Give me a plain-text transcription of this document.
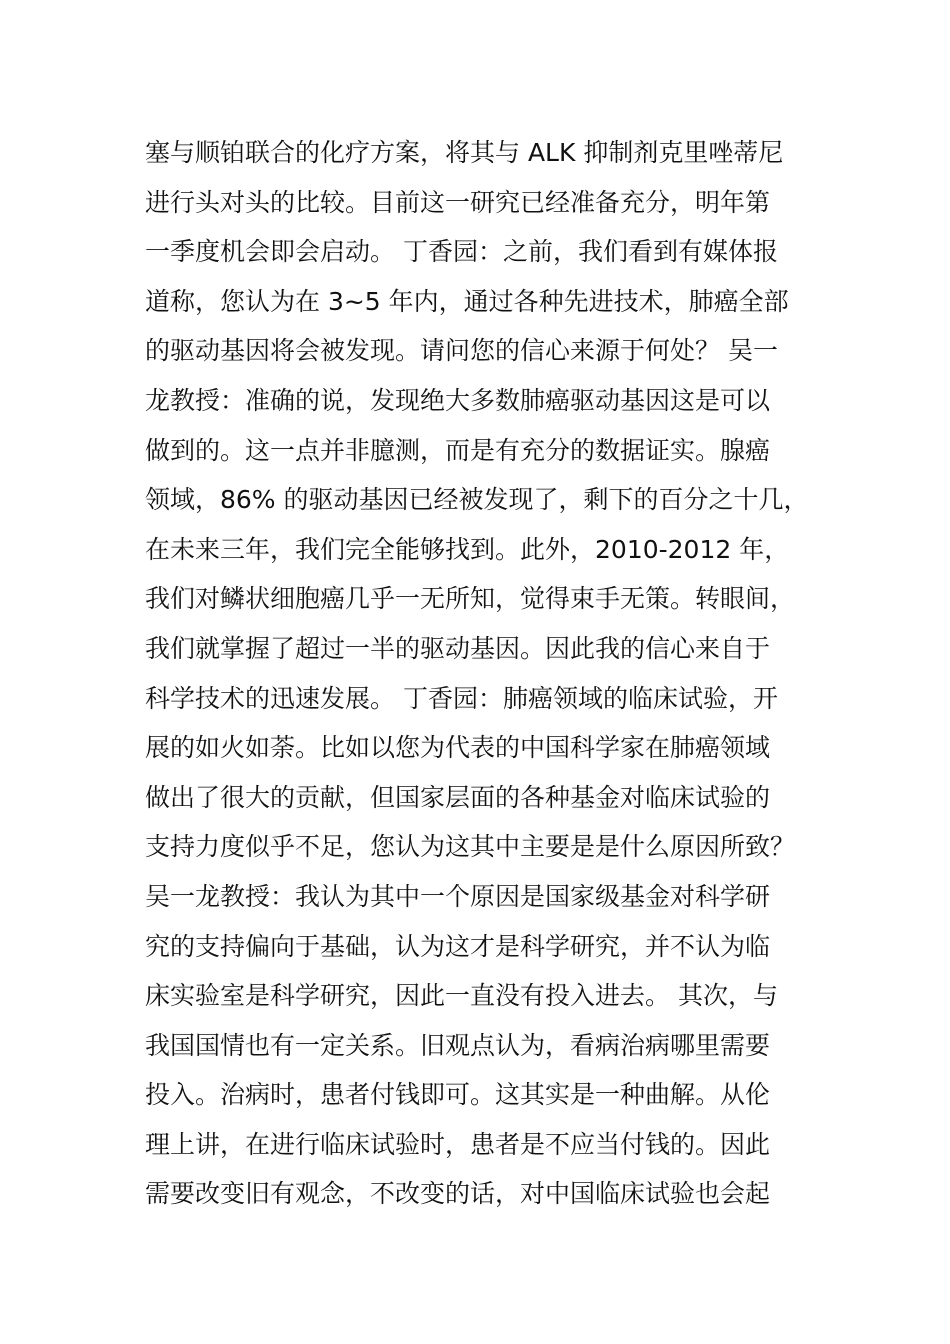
塞与顺铂联合的化疗方案，将其与 ALK 抑制剂克里唑蒂尼
进行头对头的比较。目前这一研究已经准备充分，明年第
一季度机会即会启动。 丁香园：之前，我们看到有媒体报
道称，您认为在 3~5 年内，通过各种先进技术，肺癌全部
的驱动基因将会被发现。请问您的信心来源于何处？ 吴一
龙教授：准确的说，发现绝大多数肺癌驱动基因这是可以
做到的。这一点并非臆测，而是有充分的数据证实。腺癌
领域，86% 的驱动基因已经被发现了，剩下的百分之十几，
在未来三年，我们完全能够找到。此外，2010-2012 年，
我们对鳞状细胞癌几乎一无所知，觉得束手无策。转眼间，
我们就掌握了超过一半的驱动基因。因此我的信心来自于
科学技术的迅速发展。 丁香园：肺癌领域的临床试验，开
展的如火如荼。比如以您为代表的中国科学家在肺癌领域
做出了很大的贡献，但国家层面的各种基金对临床试验的
支持力度似乎不足，您认为这其中主要是是什么原因所致？
吴一龙教授：我认为其中一个原因是国家级基金对科学研
究的支持偏向于基础，认为这才是科学研究，并不认为临
床实验室是科学研究，因此一直没有投入进去。 其次，与
我国国情也有一定关系。旧观点认为，看病治病哪里需要
投入。治病时，患者付钱即可。这其实是一种曲解。从伦
理上讲，在进行临床试验时，患者是不应当付钱的。因此
需要改变旧有观念，不改变的话，对中国临床试验也会起
